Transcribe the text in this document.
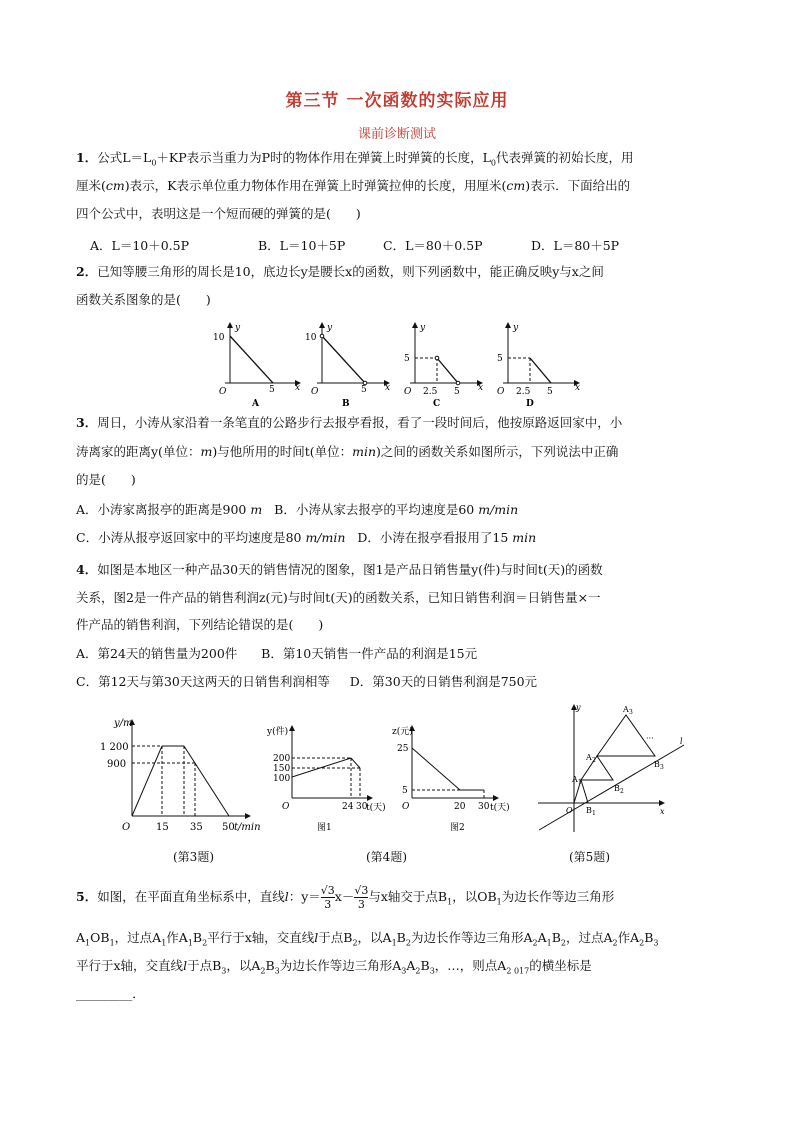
第三节 一次函数的实际应用
课前诊断测试
1．公式$L=L_0+KP$表示当重力为P时的物体作用在弹簧上时弹簧的长度，$L_0$代表弹簧的初始长度，用
厘米(cm)表示，K表示单位重力物体作用在弹簧上时弹簧拉伸的长度，用厘米(cm)表示．下面给出的
四个公式中，表明这是一个短而硬的弹簧的是(　　)
A．L＝10＋0.5P	B．L＝10＋5P	C．L＝80＋0.5P	D．L＝80＋5P
2．已知等腰三角形的周长是10，底边长y是腰长x的函数，则下列函数中，能正确反映y与x之间
函数关系图象的是(　　)
y
x
O
10
5
A
y
x
O
10
5
B
y
x
O
5
2.5 5
C
y
x
O
5
2.5 5
D
3．周日，小涛从家沿着一条笔直的公路步行去报亭看报，看了一段时间后，他按原路返回家中，小
涛离家的距离y(单位：m)与他所用的时间t(单位：min)之间的函数关系如图所示，下列说法中正确
的是(　　)
A．小涛家离报亭的距离是900 m B．小涛从家去报亭的平均速度是60 m/min
C．小涛从报亭返回家中的平均速度是80 m/min D．小涛在报亭看报用了15 min
4．如图是本地区一种产品30天的销售情况的图象，图1是产品日销售量y(件)与时间t(天)的函数
关系，图2是一件产品的销售利润z(元)与时间t(天)的函数关系，已知日销售利润＝日销售量×一
件产品的销售利润，下列结论错误的是(　　)
A．第24天的销售量为200件 B．第10天销售一件产品的利润是15元
C．第12天与第30天这两天的日销售利润相等 D．第30天的日销售利润是750元
y/m
1 200
900
O	15 35 50 t/min
(第3题)
y(件)
200
150
100
O	24 30
t(天)
图1
z(元)
25
5
O	20 30 t(天)
图2
(第4题)
y
x
O
l
···
A 1
A 2
A 3
B 1
B 2
B 3
(第5题)
5．如图，在平面直角坐标系中，直线l：$y= \frac{√3}{3} x- \frac{√3}{3}$ 与x轴交于点$B_1$，以$OB_1$为边长作等边三角形
$A_1OB_1$，过点$A_1$作$A_1B_2$平行于x轴，交直线l于点$B_2$，以$A_1B_2$为边长作等边三角形$A_2A_1B_2$，过点$A_2$作$A_2B_3$
平行于x轴，交直线l于点$B_3$，以$A_2B_3$为边长作等边三角形$A_3A_2B_3$，…，则点$A_{2 017}$的横坐标是
_________．
